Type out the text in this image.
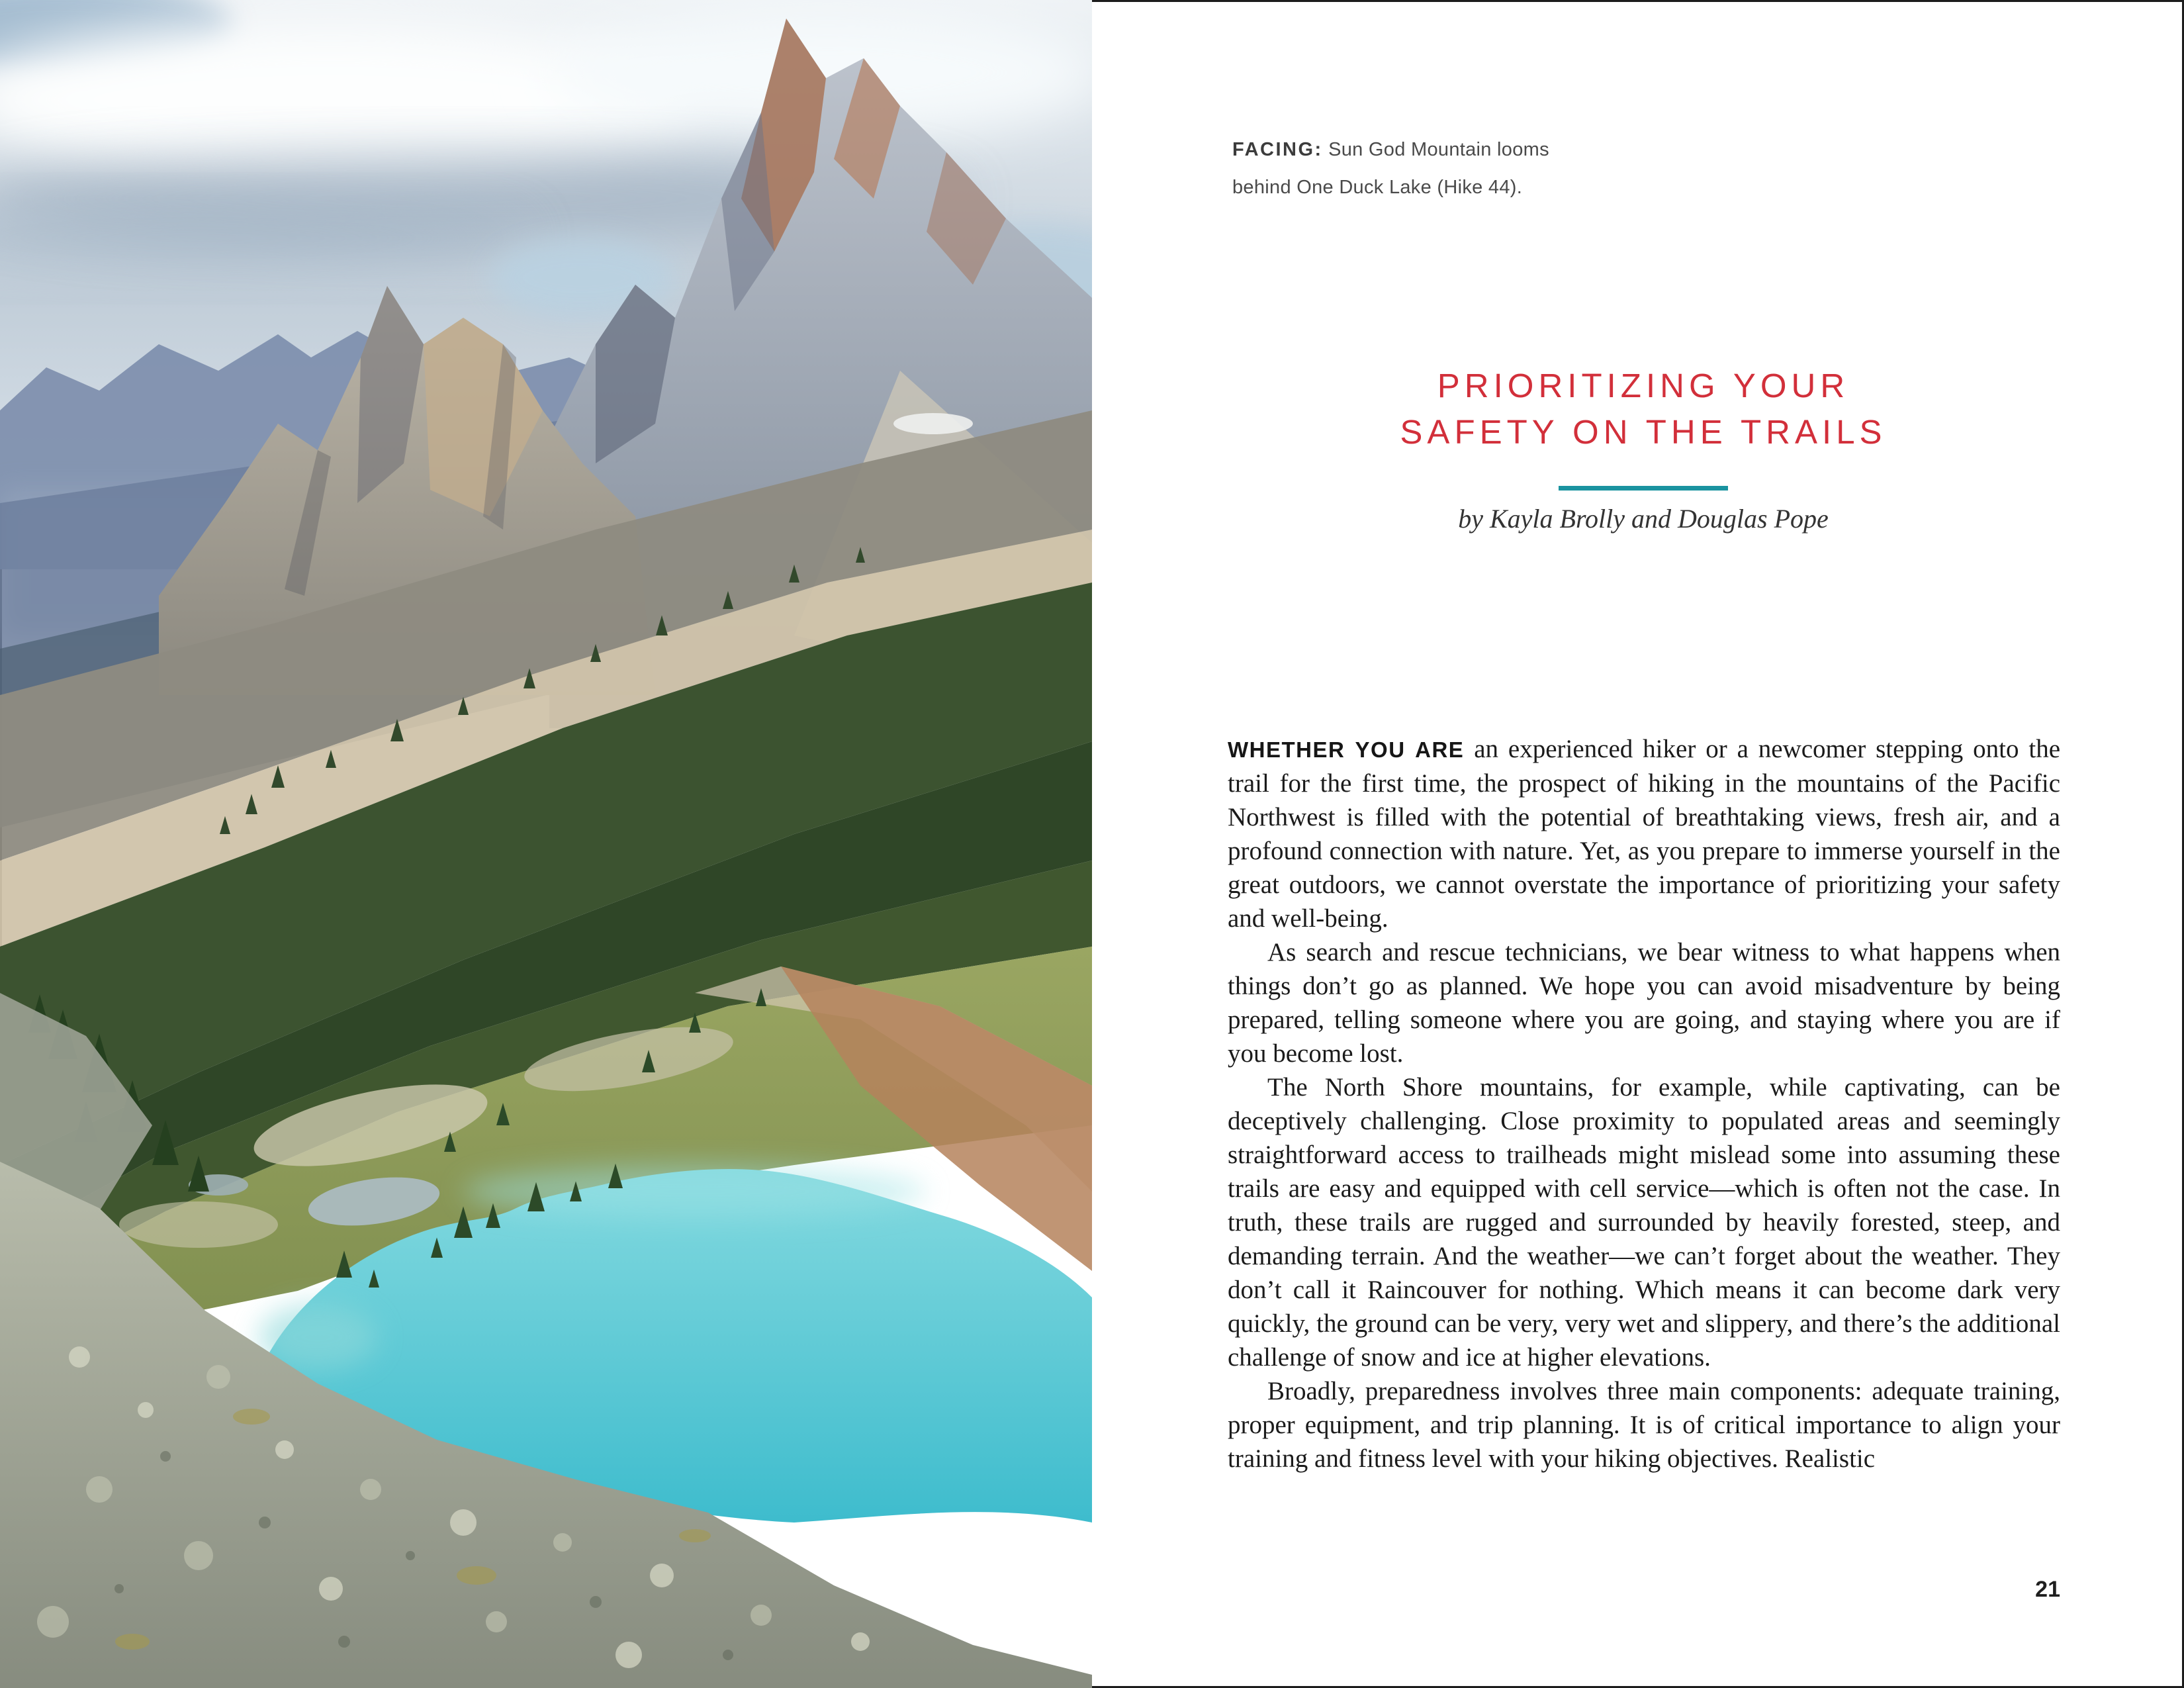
FACING: Sun God Mountain looms behind One Duck Lake (Hike 44).
PRIORITIZING YOUR
SAFETY ON THE TRAILS
by Kayla Brolly and Douglas Pope

WHETHER YOU ARE an experienced hiker or a newcomer stepping onto the trail for the first time, the prospect of hiking in the mountains of the Pacific Northwest is filled with the potential of breathtaking views, fresh air, and a profound connection with nature. Yet, as you prepare to immerse yourself in the great outdoors, we cannot overstate the importance of prioritizing your safety and well-being.

As search and rescue technicians, we bear witness to what happens when things don’t go as planned. We hope you can avoid misadventure by being prepared, telling someone where you are going, and staying where you are if you become lost.

The North Shore mountains, for example, while captivating, can be deceptively challenging. Close proximity to populated areas and seemingly straightforward access to trailheads might mislead some into assuming these trails are easy and equipped with cell service—which is often not the case. In truth, these trails are rugged and surrounded by heavily forested, steep, and demanding terrain. And the weather—we can’t forget about the weather. They don’t call it Raincouver for nothing. Which means it can become dark very quickly, the ground can be very, very wet and slippery, and there’s the additional challenge of snow and ice at higher elevations.

Broadly, preparedness involves three main components: adequate training, proper equipment, and trip planning. It is of critical importance to align your training and fitness level with your hiking objectives. Realistic

21
